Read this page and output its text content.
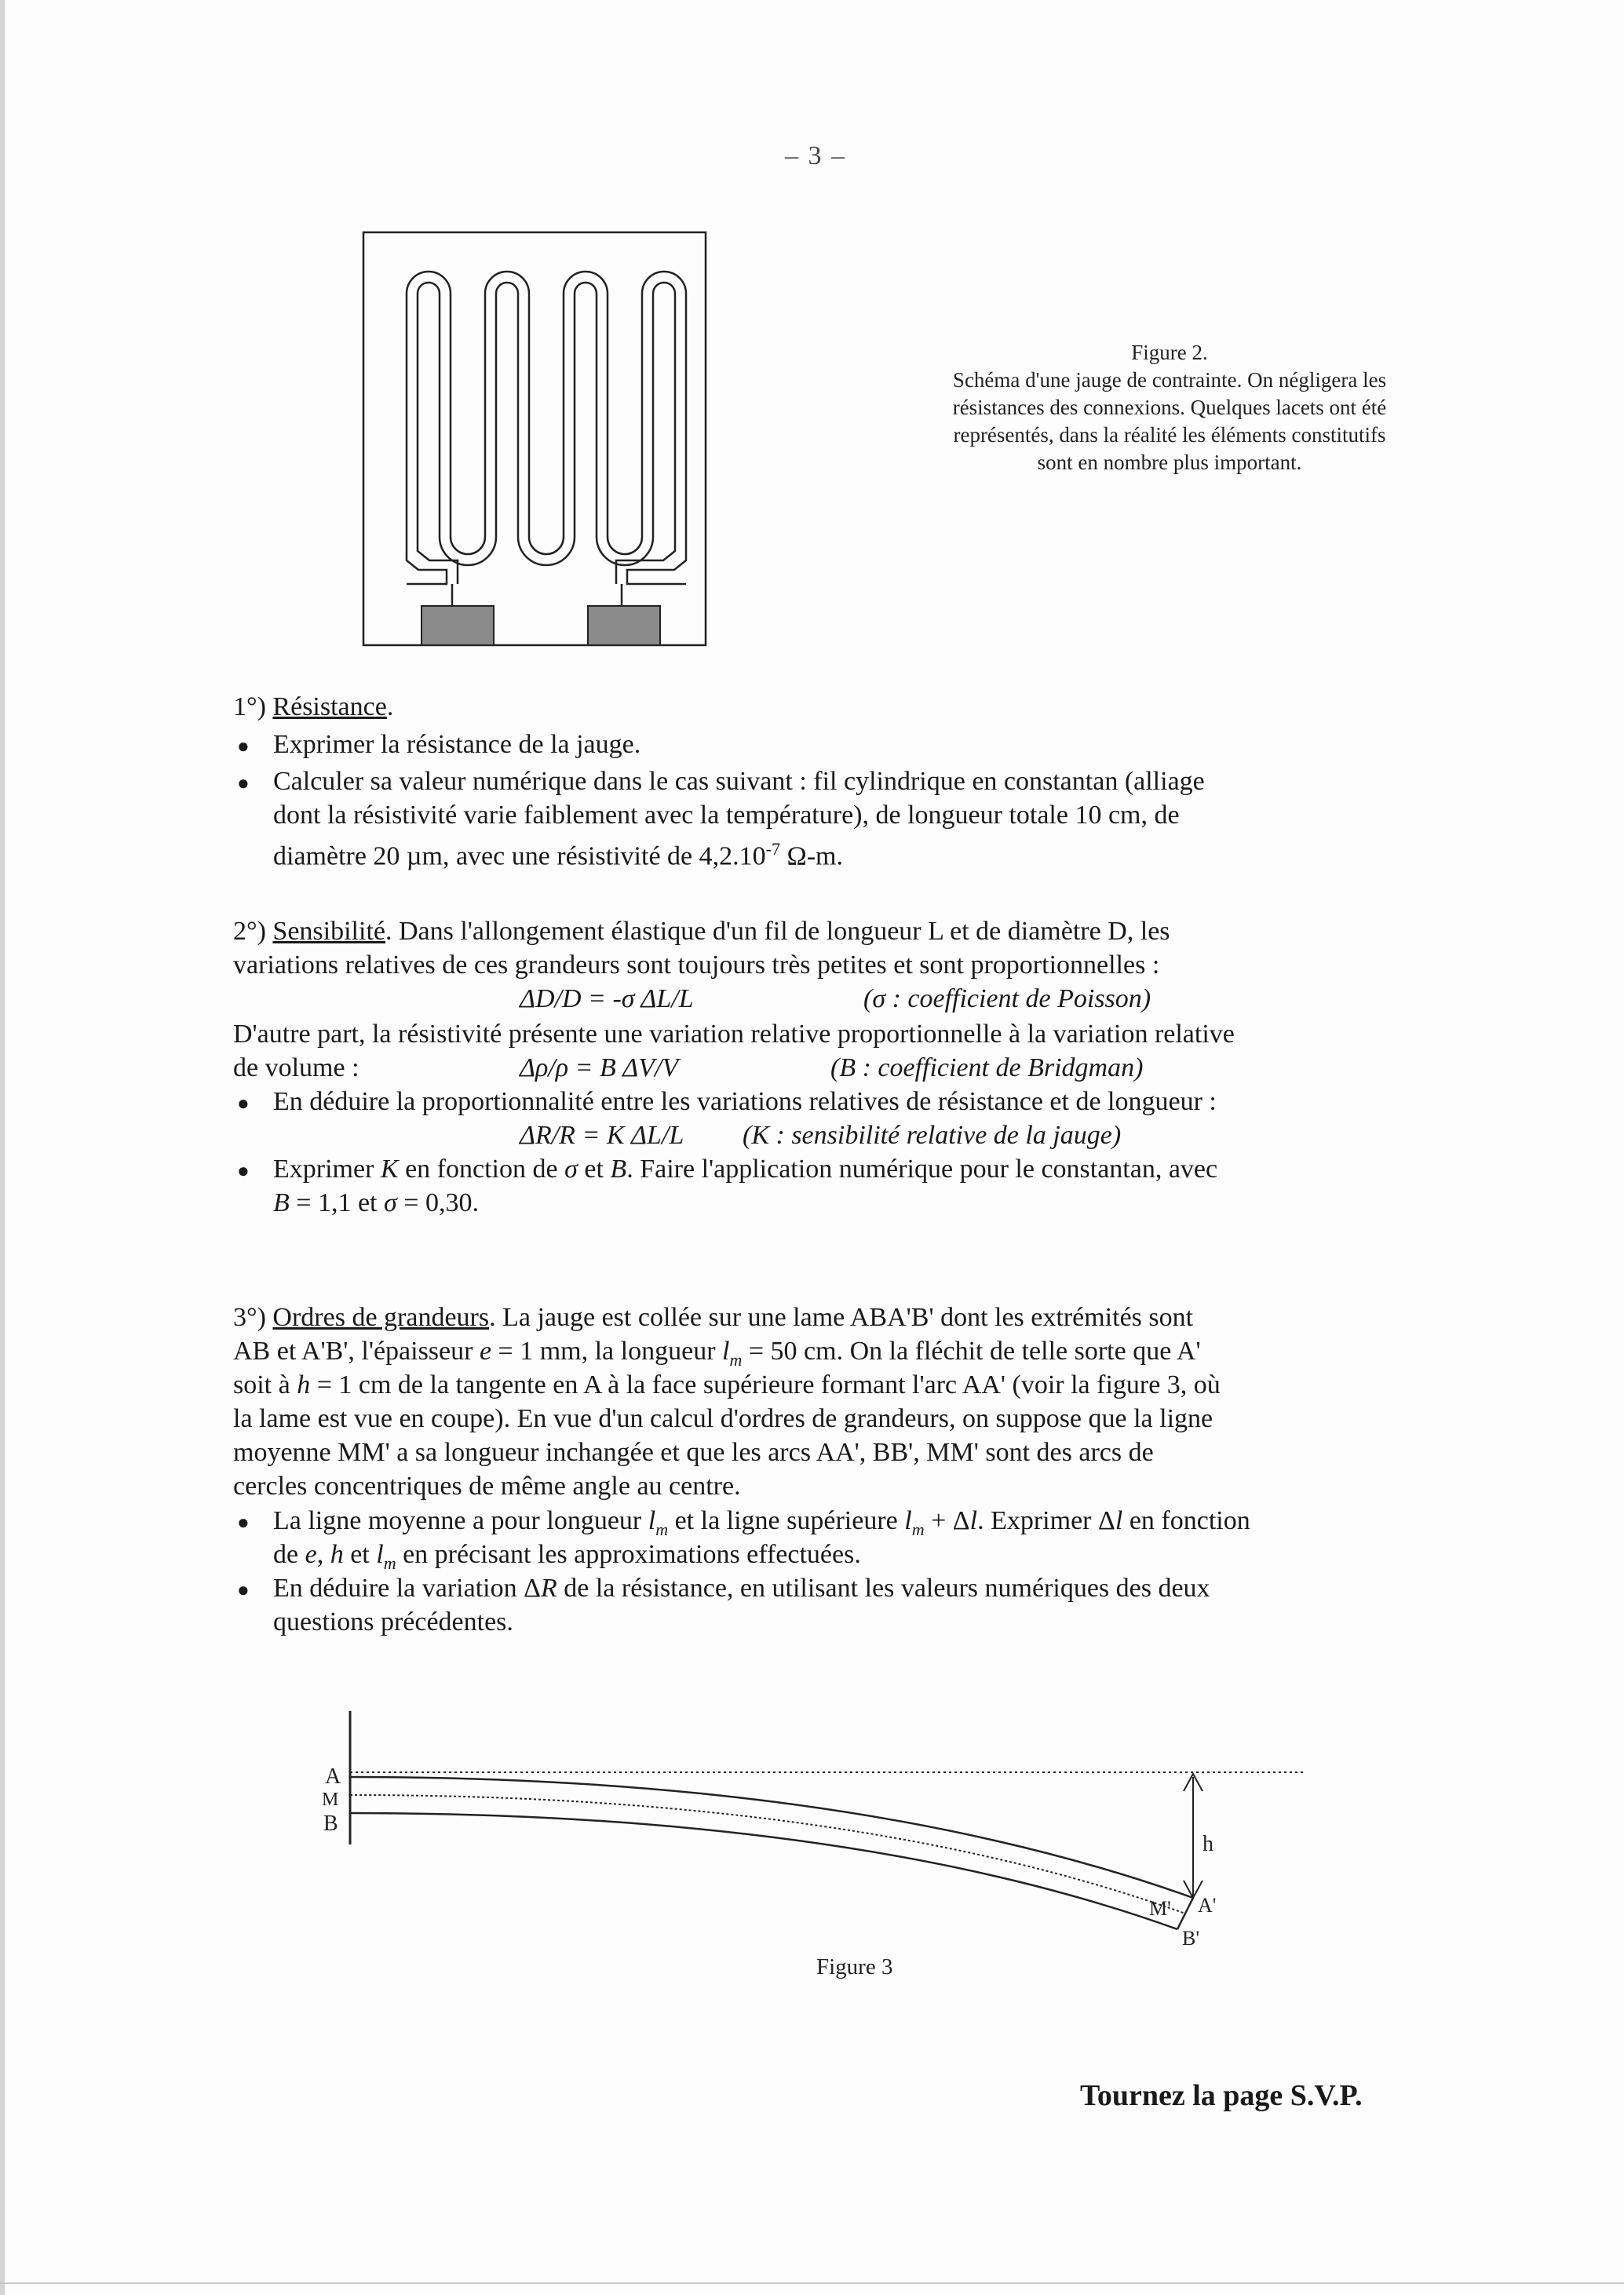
– 3 –
Figure 2.
Schéma d'une jauge de contrainte. On négligera les
résistances des connexions. Quelques lacets ont été
représentés, dans la réalité les éléments constitutifs
sont en nombre plus important.
1°) Résistance.
● Exprimer la résistance de la jauge.
● Calculer sa valeur numérique dans le cas suivant : fil cylindrique en constantan (alliage
dont la résistivité varie faiblement avec la température), de longueur totale 10 cm, de
diamètre 20 µm, avec une résistivité de $4,2.10^{-7}$ Ω-m.
2°) Sensibilité. Dans l'allongement élastique d'un fil de longueur L et de diamètre D, les
variations relatives de ces grandeurs sont toujours très petites et sont proportionnelles :
ΔD/D = -σ ΔL/L	(σ : coefficient de Poisson)
D'autre part, la résistivité présente une variation relative proportionnelle à la variation relative
de volume :	Δρ/ρ = B ΔV/V	(B : coefficient de Bridgman)
● En déduire la proportionnalité entre les variations relatives de résistance et de longueur :
ΔR/R = K ΔL/L (K : sensibilité relative de la jauge)
● Exprimer K en fonction de σ et B. Faire l'application numérique pour le constantan, avec
B = 1,1 et σ = 0,30.
3°) Ordres de grandeurs. La jauge est collée sur une lame ABA'B' dont les extrémités sont
AB et A'B', l'épaisseur e = 1 mm, la longueur $l_m = 50$ cm. On la fléchit de telle sorte que A'
soit à h = 1 cm de la tangente en A à la face supérieure formant l'arc AA' (voir la figure 3, où
la lame est vue en coupe). En vue d'un calcul d'ordres de grandeurs, on suppose que la ligne
moyenne MM' a sa longueur inchangée et que les arcs AA', BB', MM' sont des arcs de
cercles concentriques de même angle au centre.
● La ligne moyenne a pour longueur $l_m$ et la ligne supérieure $l_m + \Delta l$. Exprimer Δl en fonction
de e, h et $l_m$ en précisant les approximations effectuées.
● En déduire la variation ΔR de la résistance, en utilisant les valeurs numériques des deux
questions précédentes.
A
M
B
h
M' A'
B'
Figure 3
Tournez la page S.V.P.
